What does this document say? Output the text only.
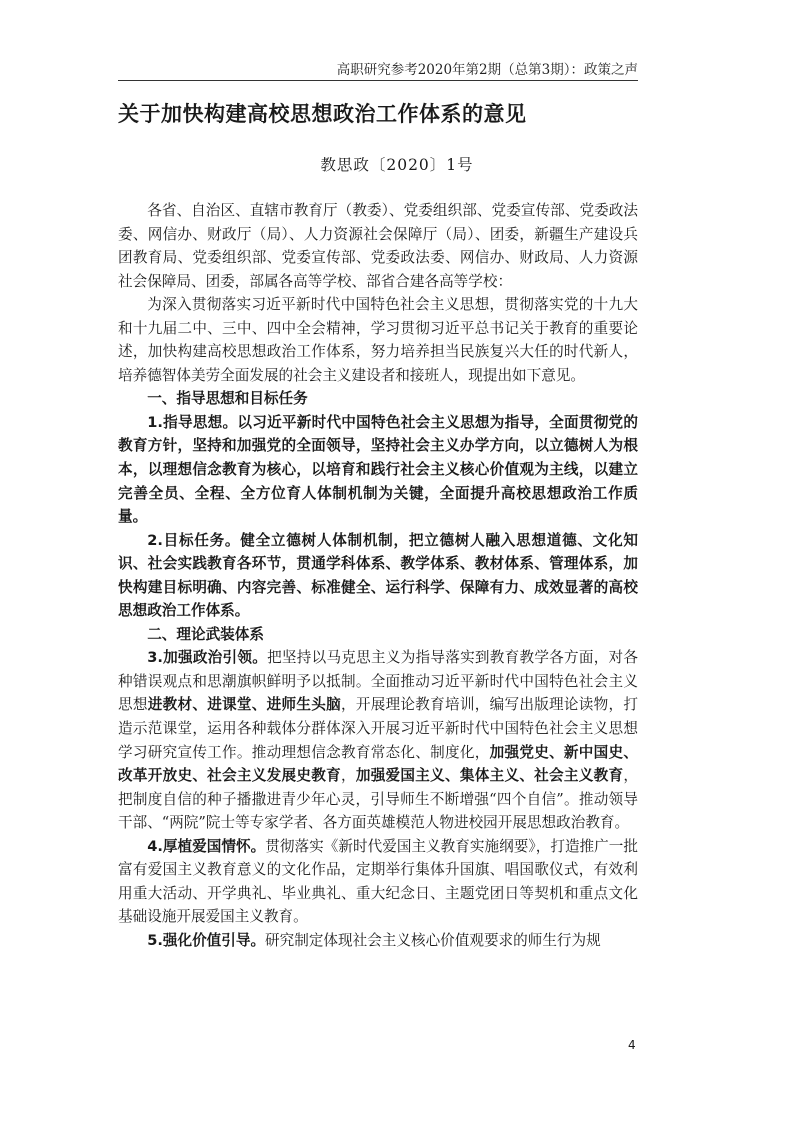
高职研究参考2020年第2期（总第3期）：政策之声
关于加快构建高校思想政治工作体系的意见
教思政〔2020〕1号

各省、自治区、直辖市教育厅（教委）、党委组织部、党委宣传部、党委政法委、网信办、财政厅（局）、人力资源社会保障厅（局）、团委，新疆生产建设兵团教育局、党委组织部、党委宣传部、党委政法委、网信办、财政局、人力资源社会保障局、团委，部属各高等学校、部省合建各高等学校：

为深入贯彻落实习近平新时代中国特色社会主义思想，贯彻落实党的十九大和十九届二中、三中、四中全会精神，学习贯彻习近平总书记关于教育的重要论述，加快构建高校思想政治工作体系，努力培养担当民族复兴大任的时代新人，培养德智体美劳全面发展的社会主义建设者和接班人，现提出如下意见。

一、指导思想和目标任务

1.指导思想。以习近平新时代中国特色社会主义思想为指导，全面贯彻党的教育方针，坚持和加强党的全面领导，坚持社会主义办学方向，以立德树人为根本，以理想信念教育为核心，以培育和践行社会主义核心价值观为主线，以建立完善全员、全程、全方位育人体制机制为关键，全面提升高校思想政治工作质量。

2.目标任务。健全立德树人体制机制，把立德树人融入思想道德、文化知识、社会实践教育各环节，贯通学科体系、教学体系、教材体系、管理体系，加快构建目标明确、内容完善、标准健全、运行科学、保障有力、成效显著的高校思想政治工作体系。

二、理论武装体系

3.加强政治引领。把坚持以马克思主义为指导落实到教育教学各方面，对各种错误观点和思潮旗帜鲜明予以抵制。全面推动习近平新时代中国特色社会主义思想进教材、进课堂、进师生头脑，开展理论教育培训，编写出版理论读物，打造示范课堂，运用各种载体分群体深入开展习近平新时代中国特色社会主义思想学习研究宣传工作。推动理想信念教育常态化、制度化，加强党史、新中国史、改革开放史、社会主义发展史教育，加强爱国主义、集体主义、社会主义教育，把制度自信的种子播撒进青少年心灵，引导师生不断增强“四个自信”。推动领导干部、“两院”院士等专家学者、各方面英雄模范人物进校园开展思想政治教育。

4.厚植爱国情怀。贯彻落实《新时代爱国主义教育实施纲要》，打造推广一批富有爱国主义教育意义的文化作品，定期举行集体升国旗、唱国歌仪式，有效利用重大活动、开学典礼、毕业典礼、重大纪念日、主题党团日等契机和重点文化基础设施开展爱国主义教育。

5.强化价值引导。研究制定体现社会主义核心价值观要求的师生行为规

4
